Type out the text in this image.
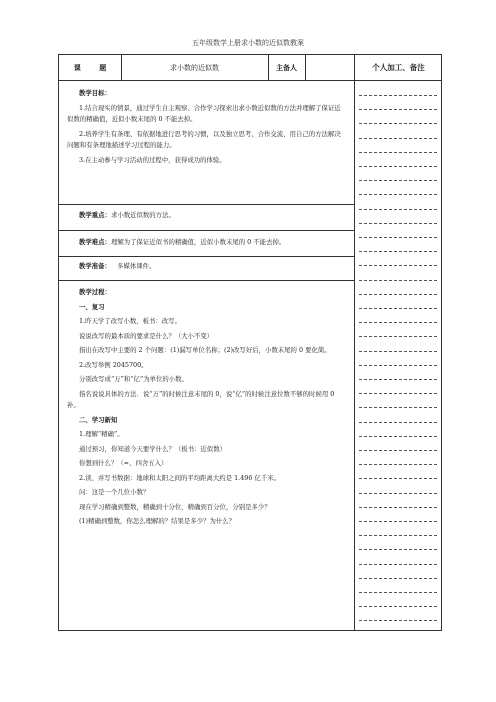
五年级数学上册求小数的近似数教案
课 题	求小数的近似数	主备人	个人加工、备注
教学目标：
1.结合现实的情景，通过学生自主观察、合作学习探索出求小数近似数的方法并理解了保证近似数的精确值，近似小数末尾的 0 不能去掉。
2.培养学生有条理、有依据地进行思考的习惯，以及独立思考、合作交流、用自己的方法解决问题和有条理地描述学习过程的能力。
3.在主动参与学习活动的过程中，获得成功的体验。
教学重点：求小数近似数的方法。
教学难点：理解为了保证近似书的精确值，近似小数末尾的 0 不能去掉。
教学准备： 多媒体课件。
教学过程：
一、复习
1.昨天学了改写小数，板书：改写。
说说改写的最本质的要求是什么？（大小不变）
指出在改写中主要的 2 个问题：(1)漏写单位名称；(2)改写好后，小数末尾的 0 要化简。
2.改写举例 2045700。
分别改写成“万”和“亿”为单位的小数。
指名说说具体的方法．说“万”的时候注意末尾的 0，说“亿”的时候注意位数不够的时候用 0 补。
二、学习新知
1.理解“精确”。
通过预习，你知道今天要学什么？（板书：近似数）
你想到什么？（≈、四舍五入）
2.读、并写书数据：地球和太阳之间的平均距离大约是 1.496 亿千米。
问：这是一个几位小数？
现在学习精确到整数，精确到十分位，精确到百分位，分别是多少？
(1)精确到整数，你怎么理解的？结果是多少？为什么？
